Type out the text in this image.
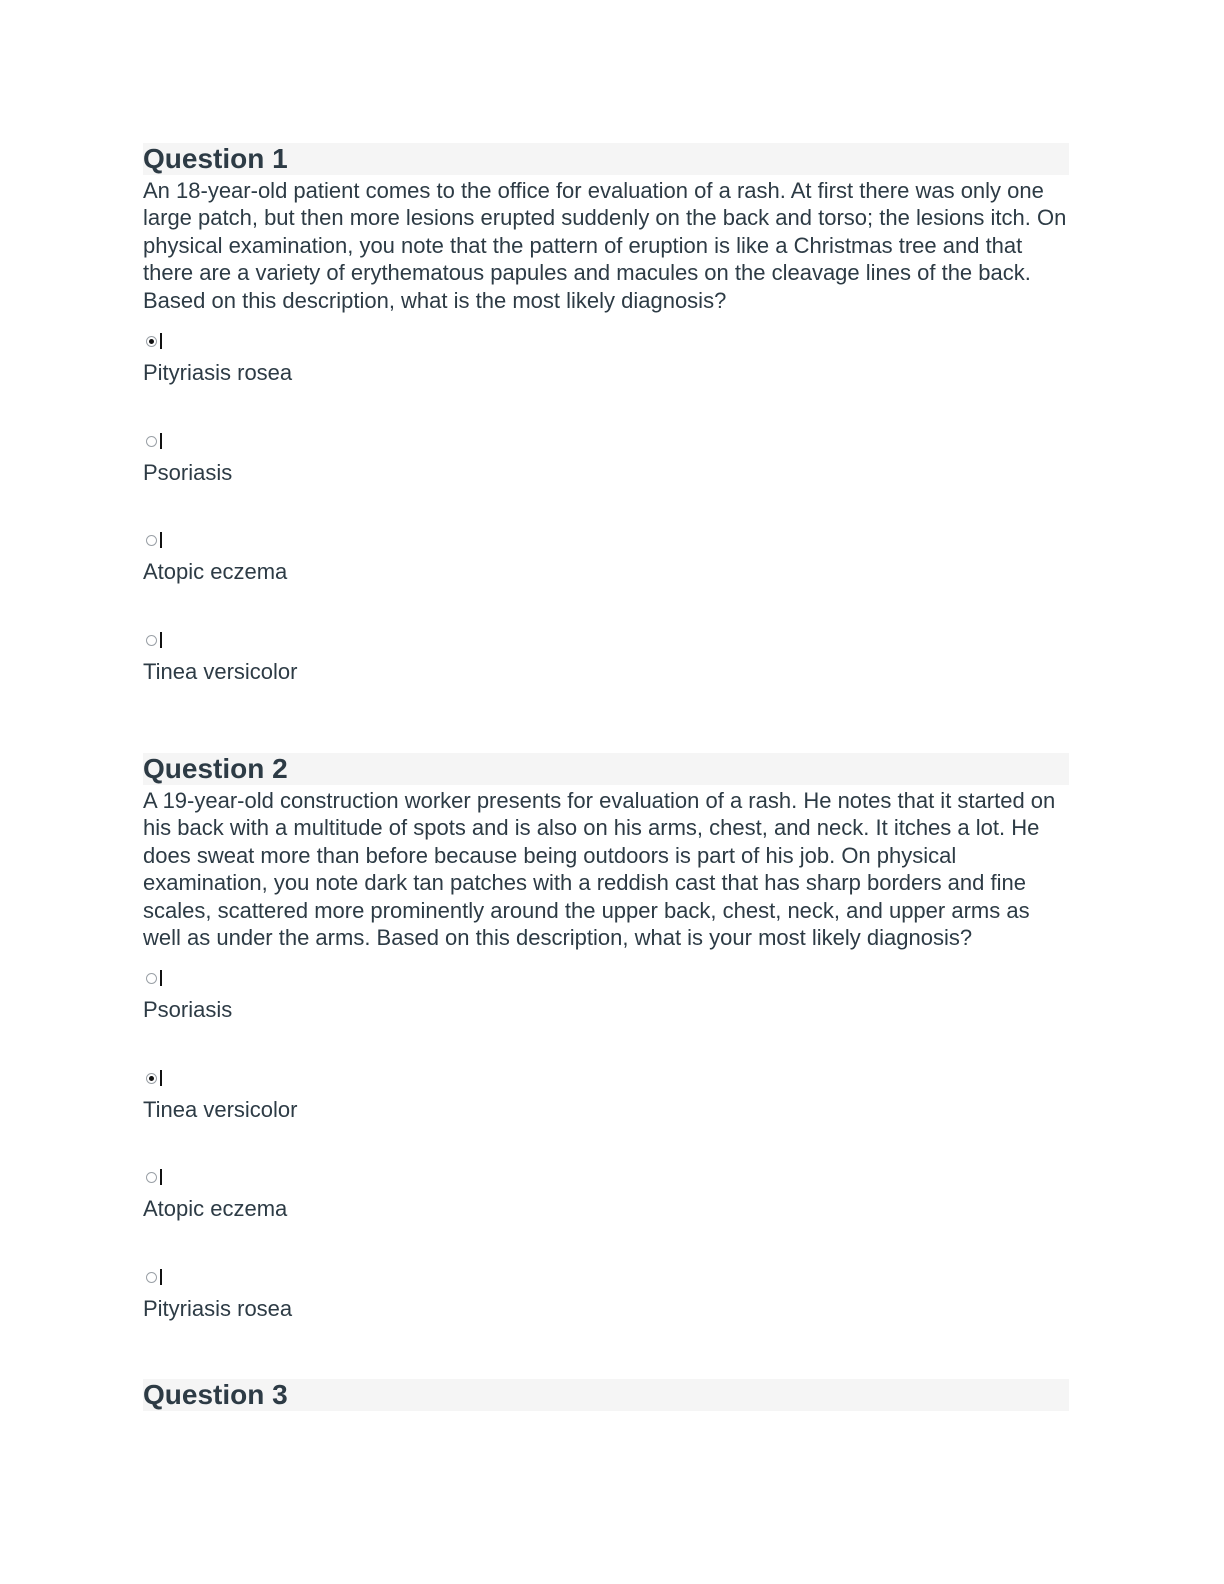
Question 1
An 18-year-old patient comes to the office for evaluation of a rash. At first there was only one large patch, but then more lesions erupted suddenly on the back and torso; the lesions itch. On physical examination, you note that the pattern of eruption is like a Christmas tree and that there are a variety of erythematous papules and macules on the cleavage lines of the back. Based on this description, what is the most likely diagnosis?
Pityriasis rosea
Psoriasis
Atopic eczema
Tinea versicolor
Question 2
A 19-year-old construction worker presents for evaluation of a rash. He notes that it started on his back with a multitude of spots and is also on his arms, chest, and neck. It itches a lot. He does sweat more than before because being outdoors is part of his job. On physical examination, you note dark tan patches with a reddish cast that has sharp borders and fine scales, scattered more prominently around the upper back, chest, neck, and upper arms as well as under the arms. Based on this description, what is your most likely diagnosis?
Psoriasis
Tinea versicolor
Atopic eczema
Pityriasis rosea
Question 3
